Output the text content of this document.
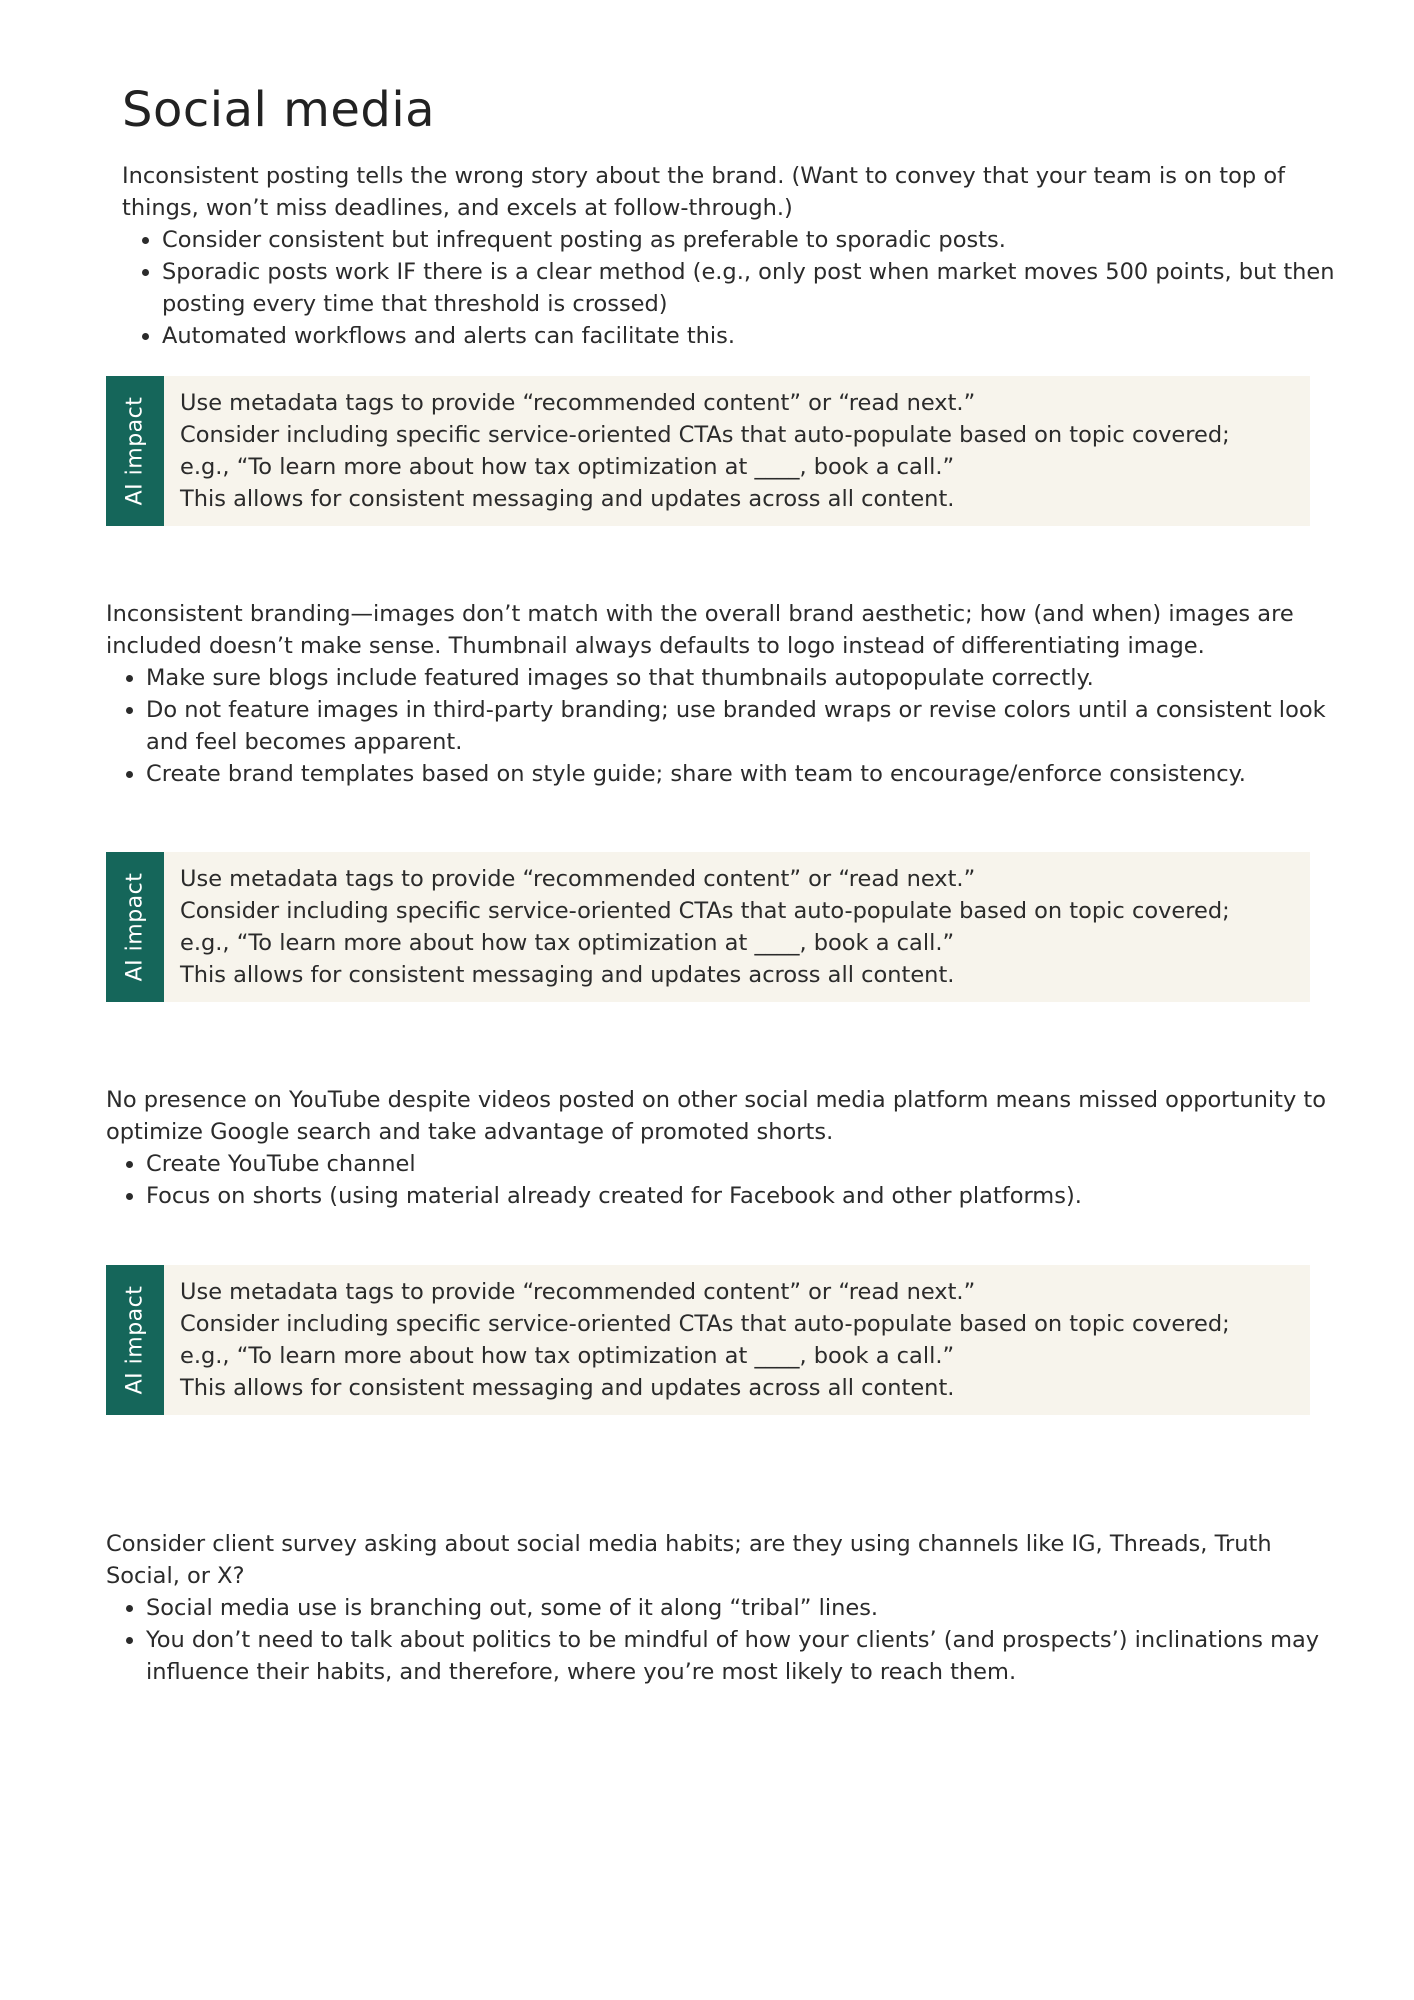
Social media

Inconsistent posting tells the wrong story about the brand. (Want to convey that your team is on top of things, won’t miss deadlines, and excels at follow-through.)

• Consider consistent but infrequent posting as preferable to sporadic posts.
• Sporadic posts work IF there is a clear method (e.g., only post when market moves 500 points, but then posting every time that threshold is crossed)
• Automated workflows and alerts can facilitate this.
AI impact Use metadata tags to provide “recommended content” or “read next.”
Consider including specific service-oriented CTAs that auto-populate based on topic covered;
e.g., “To learn more about how tax optimization at ____, book a call.”
This allows for consistent messaging and updates across all content.

Inconsistent branding—images don’t match with the overall brand aesthetic; how (and when) images are included doesn’t make sense. Thumbnail always defaults to logo instead of differentiating image.

• Make sure blogs include featured images so that thumbnails autopopulate correctly.
• Do not feature images in third-party branding; use branded wraps or revise colors until a consistent look and feel becomes apparent.
• Create brand templates based on style guide; share with team to encourage/enforce consistency.
AI impact Use metadata tags to provide “recommended content” or “read next.”
Consider including specific service-oriented CTAs that auto-populate based on topic covered;
e.g., “To learn more about how tax optimization at ____, book a call.”
This allows for consistent messaging and updates across all content.

No presence on YouTube despite videos posted on other social media platform means missed opportunity to optimize Google search and take advantage of promoted shorts.

• Create YouTube channel
• Focus on shorts (using material already created for Facebook and other platforms).
AI impact Use metadata tags to provide “recommended content” or “read next.”
Consider including specific service-oriented CTAs that auto-populate based on topic covered;
e.g., “To learn more about how tax optimization at ____, book a call.”
This allows for consistent messaging and updates across all content.

Consider client survey asking about social media habits; are they using channels like IG, Threads, Truth Social, or X?

• Social media use is branching out, some of it along “tribal” lines.
• You don’t need to talk about politics to be mindful of how your clients’ (and prospects’) inclinations may influence their habits, and therefore, where you’re most likely to reach them.
